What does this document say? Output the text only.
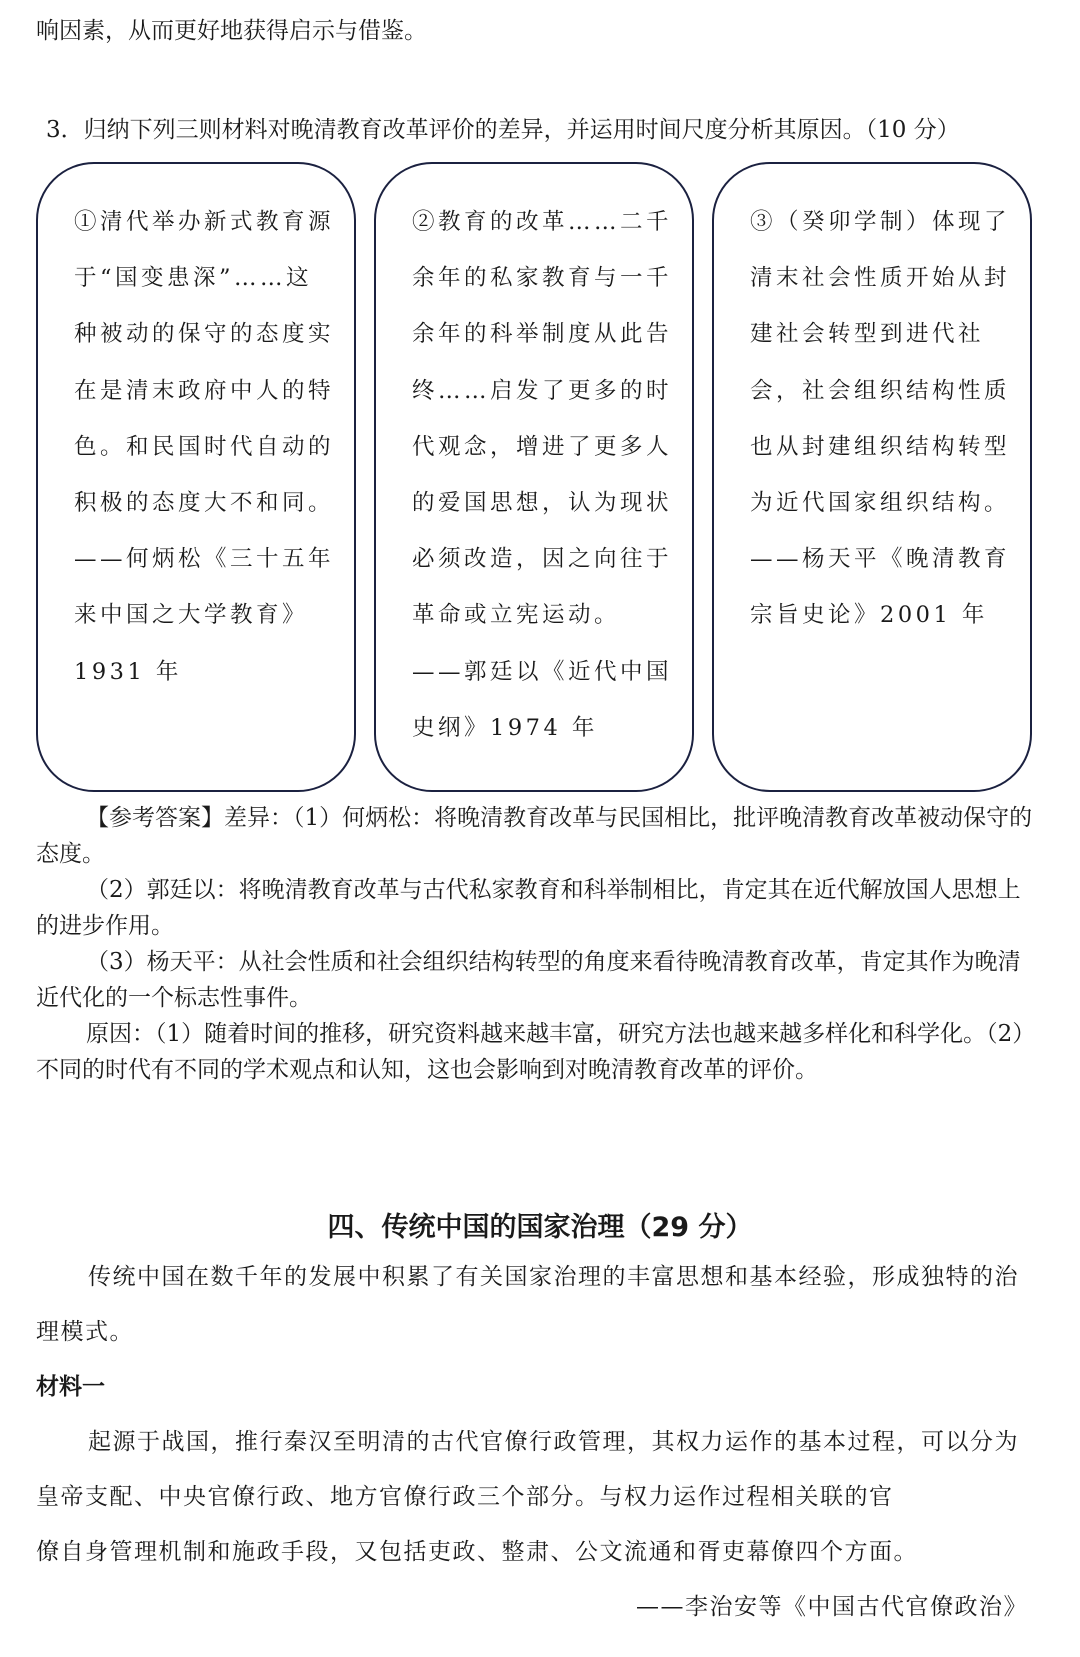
响因素，从而更好地获得启示与借鉴。
3．归纳下列三则材料对晚清教育改革评价的差异，并运用时间尺度分析其原因。（10 分）
①清代举办新式教育源
于“国变患深”……这
种被动的保守的态度实
在是清末政府中人的特
色。和民国时代自动的
积极的态度大不和同。
——何炳松《三十五年
来中国之大学教育》
1931 年
②教育的改革……二千
余年的私家教育与一千
余年的科举制度从此告
终……启发了更多的时
代观念，增进了更多人
的爱国思想，认为现状
必须改造，因之向往于
革命或立宪运动。
——郭廷以《近代中国
史纲》1974 年
③（癸卯学制）体现了
清末社会性质开始从封
建社会转型到进代社
会，社会组织结构性质
也从封建组织结构转型
为近代国家组织结构。
——杨天平《晚清教育
宗旨史论》2001 年
【参考答案】差异：（1）何炳松：将晚清教育改革与民国相比，批评晚清教育改革被动保守的态度。
（2）郭廷以：将晚清教育改革与古代私家教育和科举制相比，肯定其在近代解放国人思想上的进步作用。
（3）杨天平：从社会性质和社会组织结构转型的角度来看待晚清教育改革，肯定其作为晚清近代化的一个标志性事件。
原因：（1）随着时间的推移，研究资料越来越丰富，研究方法也越来越多样化和科学化。（2）不同的时代有不同的学术观点和认知，这也会影响到对晚清教育改革的评价。
四、传统中国的国家治理（29 分）
传统中国在数千年的发展中积累了有关国家治理的丰富思想和基本经验，形成独特的治
理模式。
材料一
起源于战国，推行秦汉至明清的古代官僚行政管理，其权力运作的基本过程，可以分为
皇帝支配、中央官僚行政、地方官僚行政三个部分。与权力运作过程相关联的官
僚自身管理机制和施政手段，又包括吏政、整肃、公文流通和胥吏幕僚四个方面。
——李治安等《中国古代官僚政治》
